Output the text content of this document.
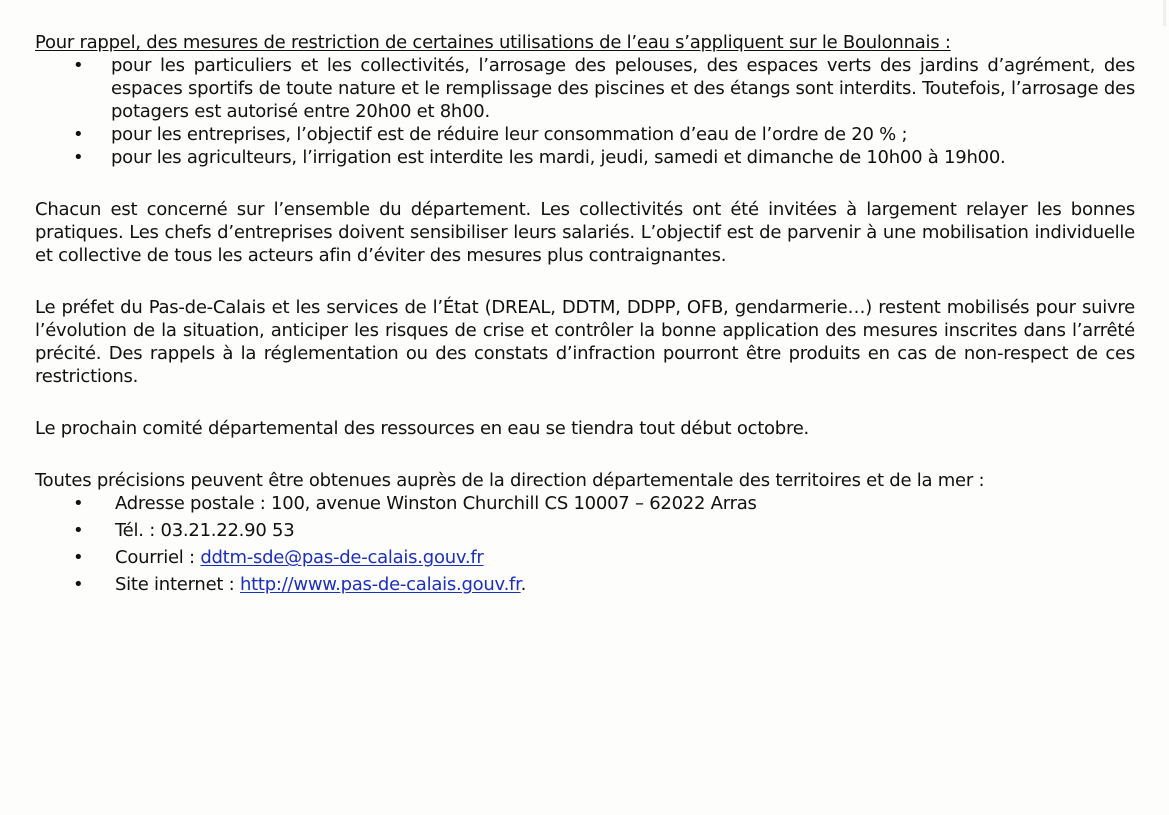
Pour rappel, des mesures de restriction de certaines utilisations de l’eau s’appliquent sur le Boulonnais :

• pour les particuliers et les collectivités, l’arrosage des pelouses, des espaces verts des jardins d’agrément, des espaces sportifs de toute nature et le remplissage des piscines et des étangs sont interdits. Toutefois, l’arrosage des potagers est autorisé entre 20h00 et 8h00.
• pour les entreprises, l’objectif est de réduire leur consommation d’eau de l’ordre de 20 % ;
• pour les agriculteurs, l’irrigation est interdite les mardi, jeudi, samedi et dimanche de 10h00 à 19h00.

Chacun est concerné sur l’ensemble du département. Les collectivités ont été invitées à largement relayer les bonnes pratiques. Les chefs d’entreprises doivent sensibiliser leurs salariés. L’objectif est de parvenir à une mobilisation individuelle et collective de tous les acteurs afin d’éviter des mesures plus contraignantes.

Le préfet du Pas-de-Calais et les services de l’État (DREAL, DDTM, DDPP, OFB, gendarmerie…) restent mobilisés pour suivre l’évolution de la situation, anticiper les risques de crise et contrôler la bonne application des mesures inscrites dans l’arrêté précité. Des rappels à la réglementation ou des constats d’infraction pourront être produits en cas de non-respect de ces restrictions.

Le prochain comité départemental des ressources en eau se tiendra tout début octobre.

Toutes précisions peuvent être obtenues auprès de la direction départementale des territoires et de la mer :

• Adresse postale : 100, avenue Winston Churchill CS 10007 – 62022 Arras
• Tél. : 03.21.22.90 53
• Courriel : ddtm-sde@pas-de-calais.gouv.fr
• Site internet : http://www.pas-de-calais.gouv.fr.
